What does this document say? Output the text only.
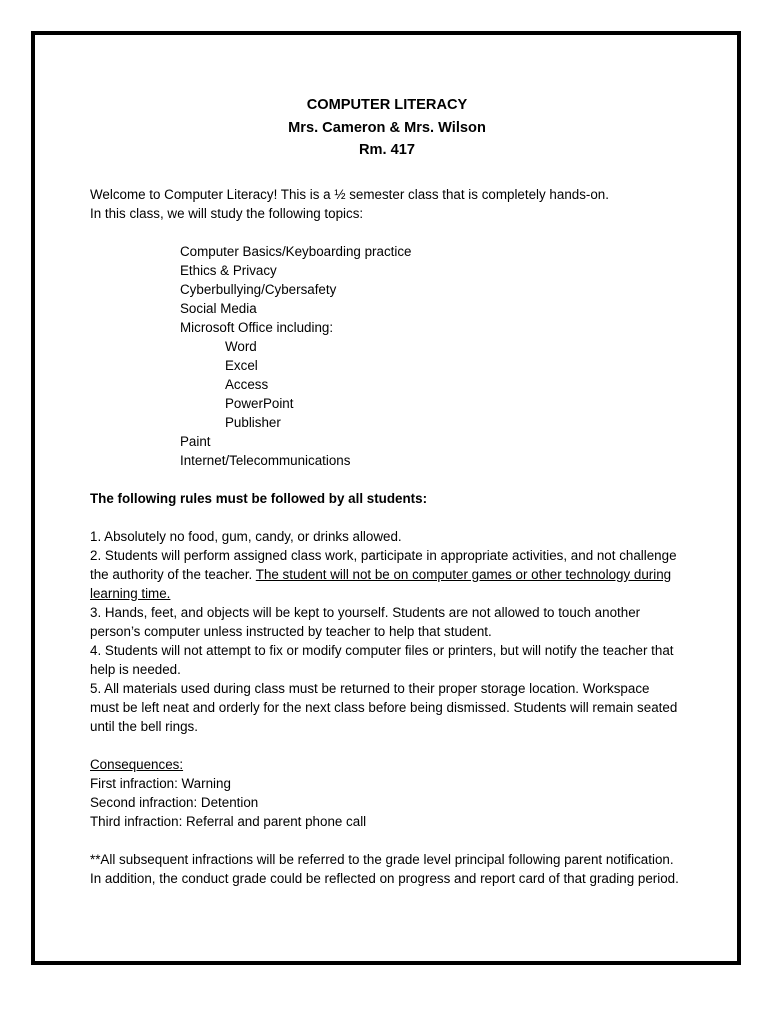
COMPUTER LITERACY
Mrs. Cameron & Mrs. Wilson
Rm. 417

Welcome to Computer Literacy! This is a ½ semester class that is completely hands-on.

In this class, we will study the following topics:

Computer Basics/Keyboarding practice
Ethics & Privacy
Cyberbullying/Cybersafety
Social Media
Microsoft Office including:
Word
Excel
Access
PowerPoint
Publisher
Paint
Internet/Telecommunications

The following rules must be followed by all students:

1. Absolutely no food, gum, candy, or drinks allowed.
2. Students will perform assigned class work, participate in appropriate activities, and not challenge the authority of the teacher. The student will not be on computer games or other technology during learning time.
3. Hands, feet, and objects will be kept to yourself. Students are not allowed to touch another person’s computer unless instructed by teacher to help that student.
4. Students will not attempt to fix or modify computer files or printers, but will notify the teacher that help is needed.
5. All materials used during class must be returned to their proper storage location. Workspace must be left neat and orderly for the next class before being dismissed. Students will remain seated until the bell rings.

Consequences:

First infraction: Warning

Second infraction: Detention

Third infraction: Referral and parent phone call

**All subsequent infractions will be referred to the grade level principal following parent notification. In addition, the conduct grade could be reflected on progress and report card of that grading period.
